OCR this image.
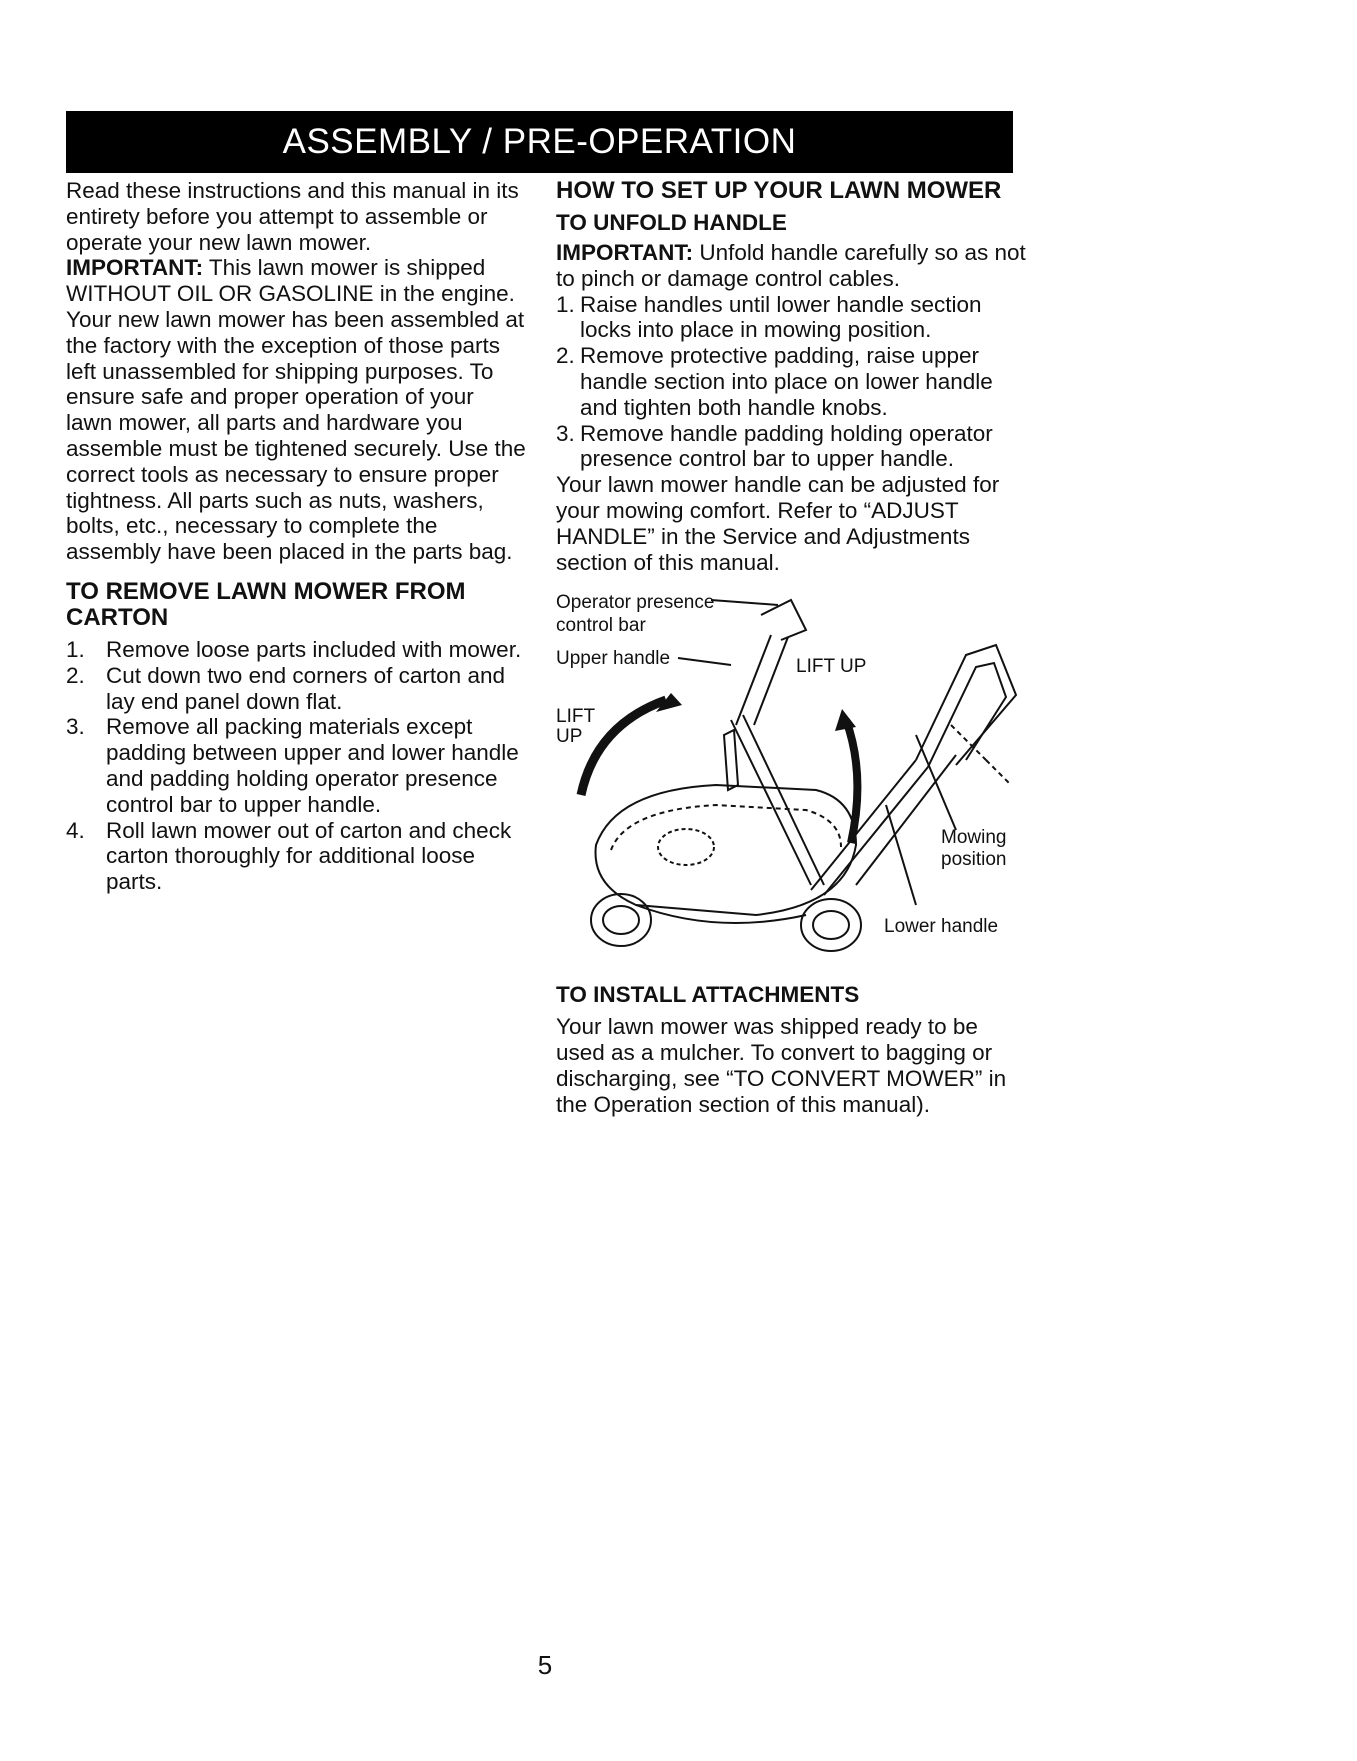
ASSEMBLY / PRE-OPERATION

Read these instructions and this manual in its entirety before you attempt to assemble or operate your new lawn mower.

IMPORTANT: This lawn mower is shipped WITHOUT OIL OR GASOLINE in the engine.

Your new lawn mower has been assembled at the factory with the exception of those parts left unassembled for shipping purposes. To ensure safe and proper operation of your lawn mower, all parts and hardware you assemble must be tightened securely. Use the correct tools as necessary to ensure proper tightness. All parts such as nuts, washers, bolts, etc., necessary to complete the assembly have been placed in the parts bag.

TO REMOVE LAWN MOWER FROM CARTON
1. Remove loose parts included with mower.
2. Cut down two end corners of carton and lay end panel down flat.
3. Remove all packing materials except padding between upper and lower handle and padding holding operator presence control bar to upper handle.
4. Roll lawn mower out of carton and check carton thoroughly for additional loose parts.
HOW TO SET UP YOUR LAWN MOWER
TO UNFOLD HANDLE

IMPORTANT: Unfold handle carefully so as not to pinch or damage control cables.

1. Raise handles until lower handle section locks into place in mowing position.
2. Remove protective padding, raise upper handle section into place on lower handle and tighten both handle knobs.
3. Remove handle padding holding operator presence control bar to upper handle.

Your lawn mower handle can be adjusted for your mowing comfort. Refer to “ADJUST HANDLE” in the Service and Adjustments section of this manual.

Operator presence control bar
Upper handle	LIFT UP
LIFT
UP
Mowing
position
Lower handle
TO INSTALL ATTACHMENTS

Your lawn mower was shipped ready to be used as a mulcher. To convert to bagging or discharging, see “TO CONVERT MOWER” in the Operation section of this manual).

5
